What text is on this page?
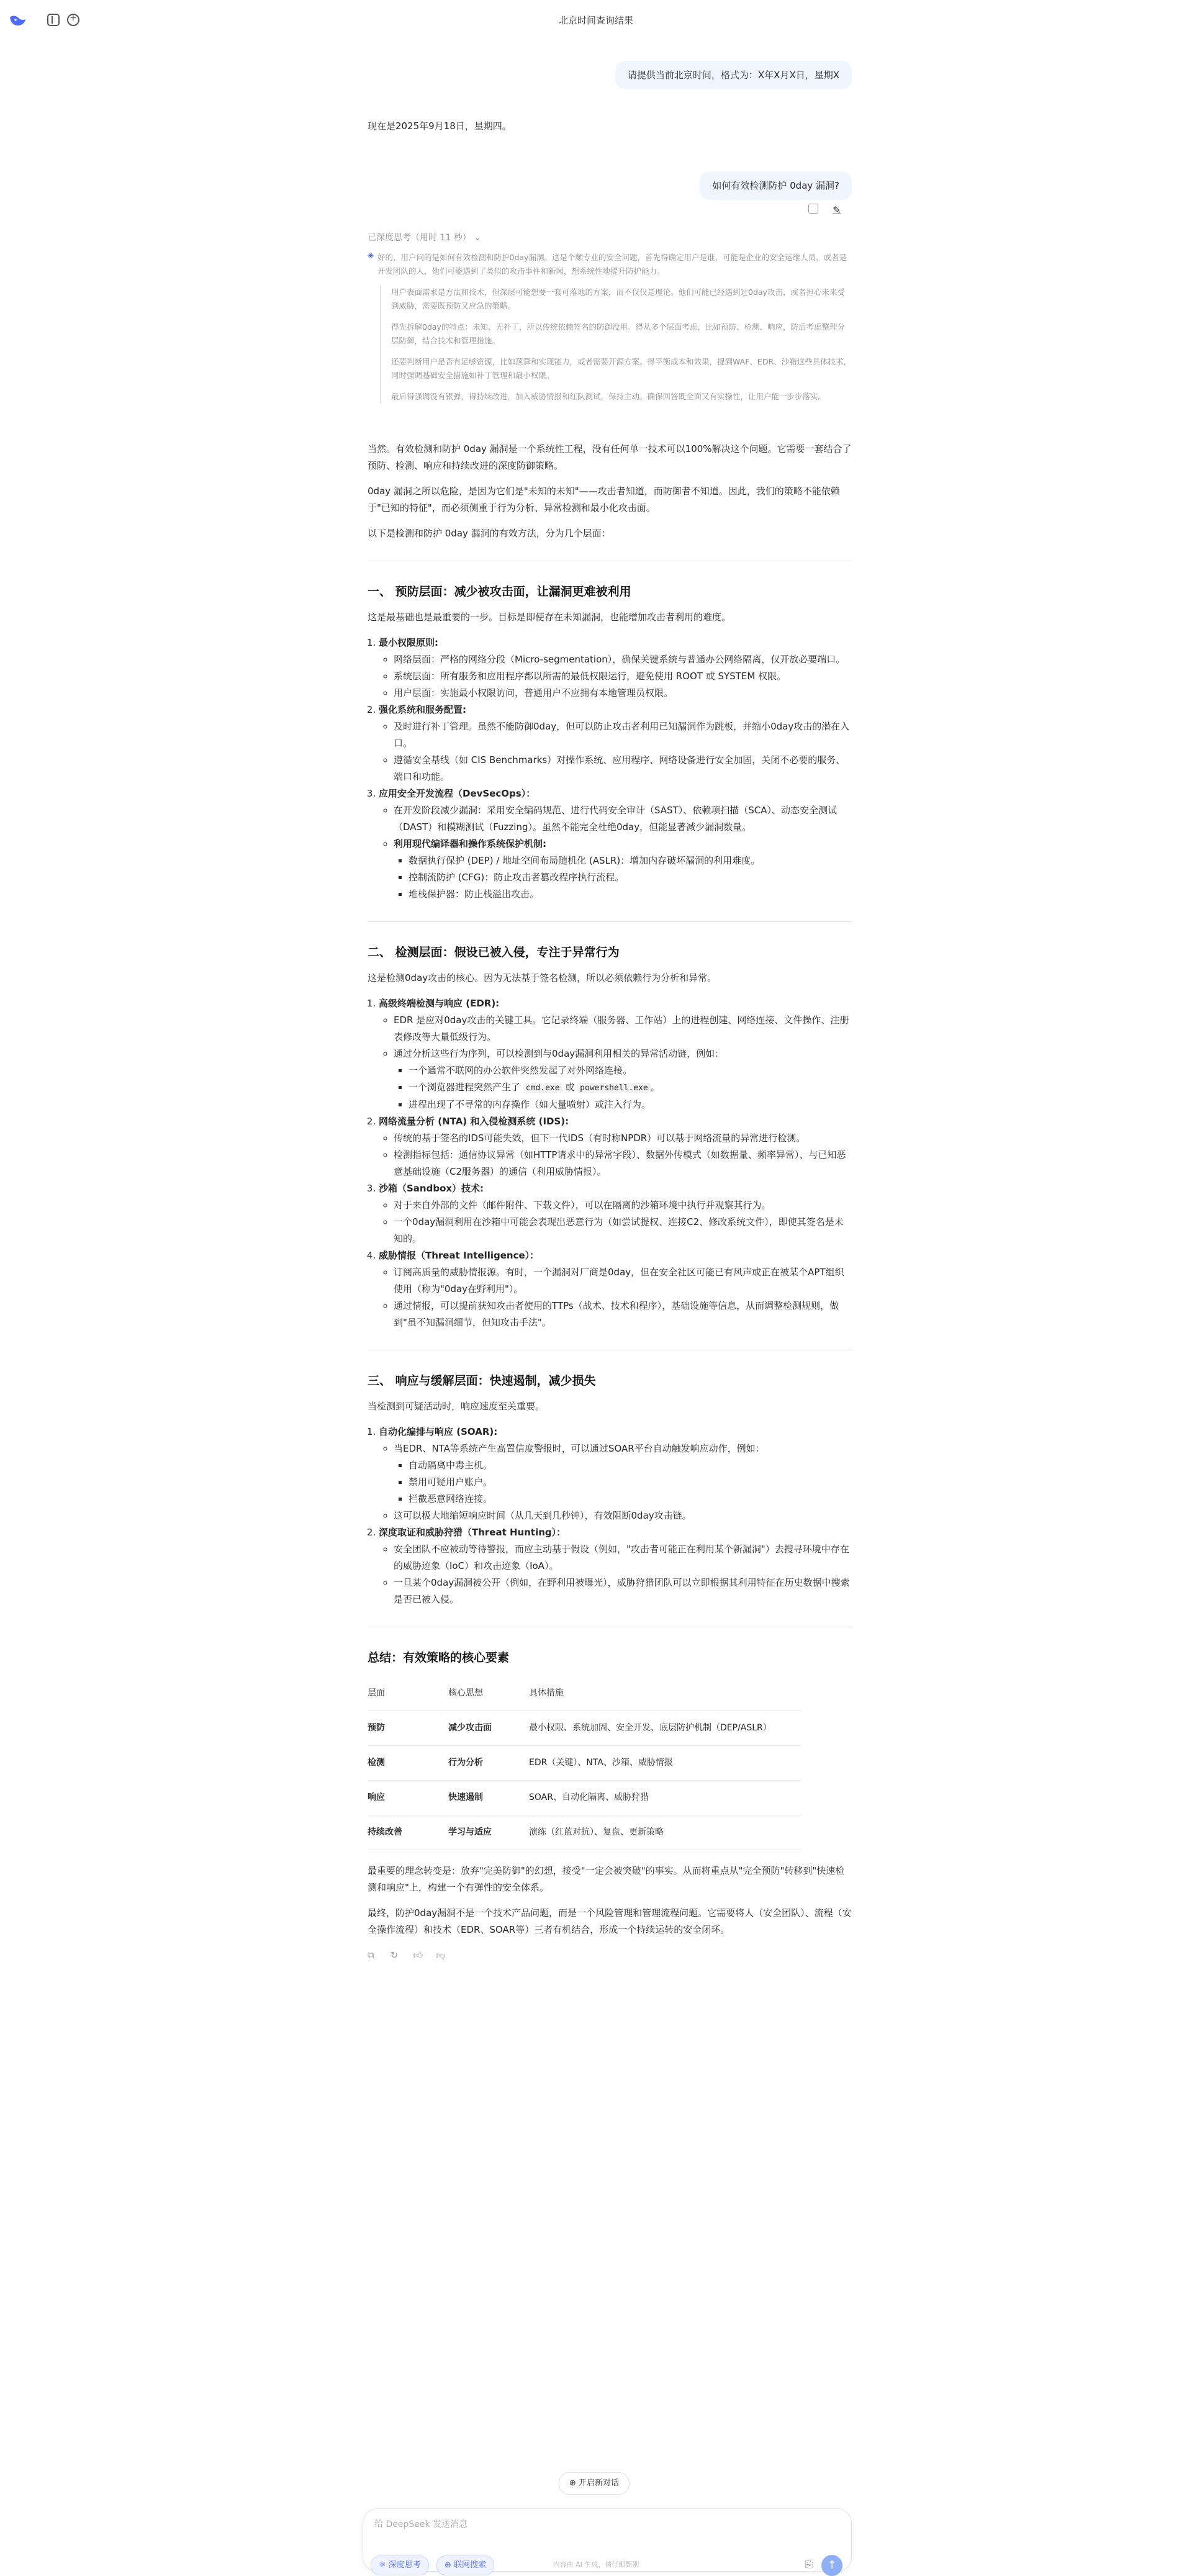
+
北京时间查询结果
请提供当前北京时间，格式为：X年X月X日，星期X
现在是2025年9月18日，星期四。
如何有效检测防护 0day 漏洞?
✎
已深度思考（用时 11 秒） ⌄
◈ 好的，用户问的是如何有效检测和防护0day漏洞。这是个颇专业的安全问题，首先得确定用户是谁，可能是企业的安全运维人员，或者是开发团队的人，他们可能遇到了类似的攻击事件和新闻，想系统性地提升防护能力。

用户表面需求是方法和技术，但深层可能想要一套可落地的方案，而不仅仅是理论。他们可能已经遇到过0day攻击，或者担心未来受到威胁，需要既预防又应急的策略。

得先拆解0day的特点：未知、无补丁，所以传统依赖签名的防御没用。得从多个层面考虑，比如预防、检测、响应，防后考虑整理分层防御，结合技术和管理措施。

还要判断用户是否有足够资源，比如预算和实现能力，或者需要开源方案。得平衡成本和效果，提到WAF、EDR、沙箱这些具体技术，同时强调基础安全措施如补丁管理和最小权限。

最后得强调没有银弹，得持续改进，加入威胁情报和红队测试，保持主动。确保回答既全面又有实操性，让用户能一步步落实。

当然。有效检测和防护 0day 漏洞是一个系统性工程，没有任何单一技术可以100%解决这个问题。它需要一套结合了预防、检测、响应和持续改进的深度防御策略。

0day 漏洞之所以危险，是因为它们是"未知的未知"——攻击者知道，而防御者不知道。因此，我们的策略不能依赖于"已知的特征"，而必须侧重于行为分析、异常检测和最小化攻击面。

以下是检测和防护 0day 漏洞的有效方法，分为几个层面：

一、 预防层面：减少被攻击面，让漏洞更难被利用

这是最基础也是最重要的一步。目标是即使存在未知漏洞，也能增加攻击者利用的难度。

1. 最小权限原则:
◦ 网络层面：严格的网络分段（Micro-segmentation），确保关键系统与普通办公网络隔离，仅开放必要端口。
◦ 系统层面：所有服务和应用程序都以所需的最低权限运行，避免使用 ROOT 或 SYSTEM 权限。
◦ 用户层面：实施最小权限访问，普通用户不应拥有本地管理员权限。
2. 强化系统和服务配置:
◦ 及时进行补丁管理。虽然不能防御0day，但可以防止攻击者利用已知漏洞作为跳板，并缩小0day攻击的潜在入口。
◦ 遵循安全基线（如 CIS Benchmarks）对操作系统、应用程序、网络设备进行安全加固，关闭不必要的服务、端口和功能。
3. 应用安全开发流程（DevSecOps）：
◦ 在开发阶段减少漏洞：采用安全编码规范、进行代码安全审计（SAST）、依赖项扫描（SCA）、动态安全测试（DAST）和模糊测试（Fuzzing）。虽然不能完全杜绝0day，但能显著减少漏洞数量。
◦ 利用现代编译器和操作系统保护机制:
▪ 数据执行保护 (DEP) / 地址空间布局随机化 (ASLR)：增加内存破坏漏洞的利用难度。
▪ 控制流防护 (CFG)：防止攻击者篡改程序执行流程。
▪ 堆栈保护器：防止栈溢出攻击。
二、 检测层面：假设已被入侵，专注于异常行为

这是检测0day攻击的核心。因为无法基于签名检测，所以必须依赖行为分析和异常。

1. 高级终端检测与响应 (EDR):
◦ EDR 是应对0day攻击的关键工具。它记录终端（服务器、工作站）上的进程创建、网络连接、文件操作、注册表修改等大量低级行为。
◦ 通过分析这些行为序列，可以检测到与0day漏洞利用相关的异常活动链，例如：
▪ 一个通常不联网的办公软件突然发起了对外网络连接。
▪ 一个浏览器进程突然产生了 cmd.exe 或 powershell.exe 。
▪ 进程出现了不寻常的内存操作（如大量喷射）或注入行为。
2. 网络流量分析 (NTA) 和入侵检测系统 (IDS):
◦ 传统的基于签名的IDS可能失效，但下一代IDS（有时称NPDR）可以基于网络流量的异常进行检测。
◦ 检测指标包括：通信协议异常（如HTTP请求中的异常字段）、数据外传模式（如数据量、频率异常）、与已知恶意基础设施（C2服务器）的通信（利用威胁情报）。
3. 沙箱（Sandbox）技术:
◦ 对于来自外部的文件（邮件附件、下载文件），可以在隔离的沙箱环境中执行并观察其行为。
◦ 一个0day漏洞利用在沙箱中可能会表现出恶意行为（如尝试提权、连接C2、修改系统文件），即使其签名是未知的。
4. 威胁情报（Threat Intelligence）：
◦ 订阅高质量的威胁情报源。有时，一个漏洞对厂商是0day，但在安全社区可能已有风声或正在被某个APT组织使用（称为"0day在野利用"）。
◦ 通过情报，可以提前获知攻击者使用的TTPs（战术、技术和程序），基础设施等信息，从而调整检测规则，做到"虽不知漏洞细节，但知攻击手法"。
三、 响应与缓解层面：快速遏制，减少损失

当检测到可疑活动时，响应速度至关重要。

1. 自动化编排与响应 (SOAR):
◦ 当EDR、NTA等系统产生高置信度警报时，可以通过SOAR平台自动触发响应动作，例如：
▪ 自动隔离中毒主机。
▪ 禁用可疑用户账户。
▪ 拦截恶意网络连接。
◦ 这可以极大地缩短响应时间（从几天到几秒钟），有效阻断0day攻击链。
2. 深度取证和威胁狩猎（Threat Hunting）：
◦ 安全团队不应被动等待警报，而应主动基于假设（例如，"攻击者可能正在利用某个新漏洞"）去搜寻环境中存在的威胁迹象（IoC）和攻击迹象（IoA）。
◦ 一旦某个0day漏洞被公开（例如，在野利用被曝光），威胁狩猎团队可以立即根据其利用特征在历史数据中搜索是否已被入侵。
总结：有效策略的核心要素
层面	核心思想	具体措施
预防	减少攻击面	最小权限、系统加固、安全开发、底层防护机制（DEP/ASLR）
检测	行为分析	EDR（关键）、NTA、沙箱、威胁情报
响应	快速遏制	SOAR、自动化隔离、威胁狩猎
持续改善	学习与适应	演练（红蓝对抗）、复盘、更新策略

最重要的理念转变是：放弃"完美防御"的幻想，接受"一定会被突破"的事实。从而将重点从"完全预防"转移到"快速检测和响应"上，构建一个有弹性的安全体系。

最终，防护0day漏洞不是一个技术产品问题，而是一个风险管理和管理流程问题。它需要将人（安全团队）、流程（安全操作流程）和技术（EDR、SOAR等）三者有机结合，形成一个持续运转的安全闭环。

⧉ ↻ 👍︎ 👎︎
⊕ 开启新对话
给 DeepSeek 发送消息
⚛ 深度思考	⊕ 联网搜索	⎘	↑
内容由 AI 生成，请仔细甄别
